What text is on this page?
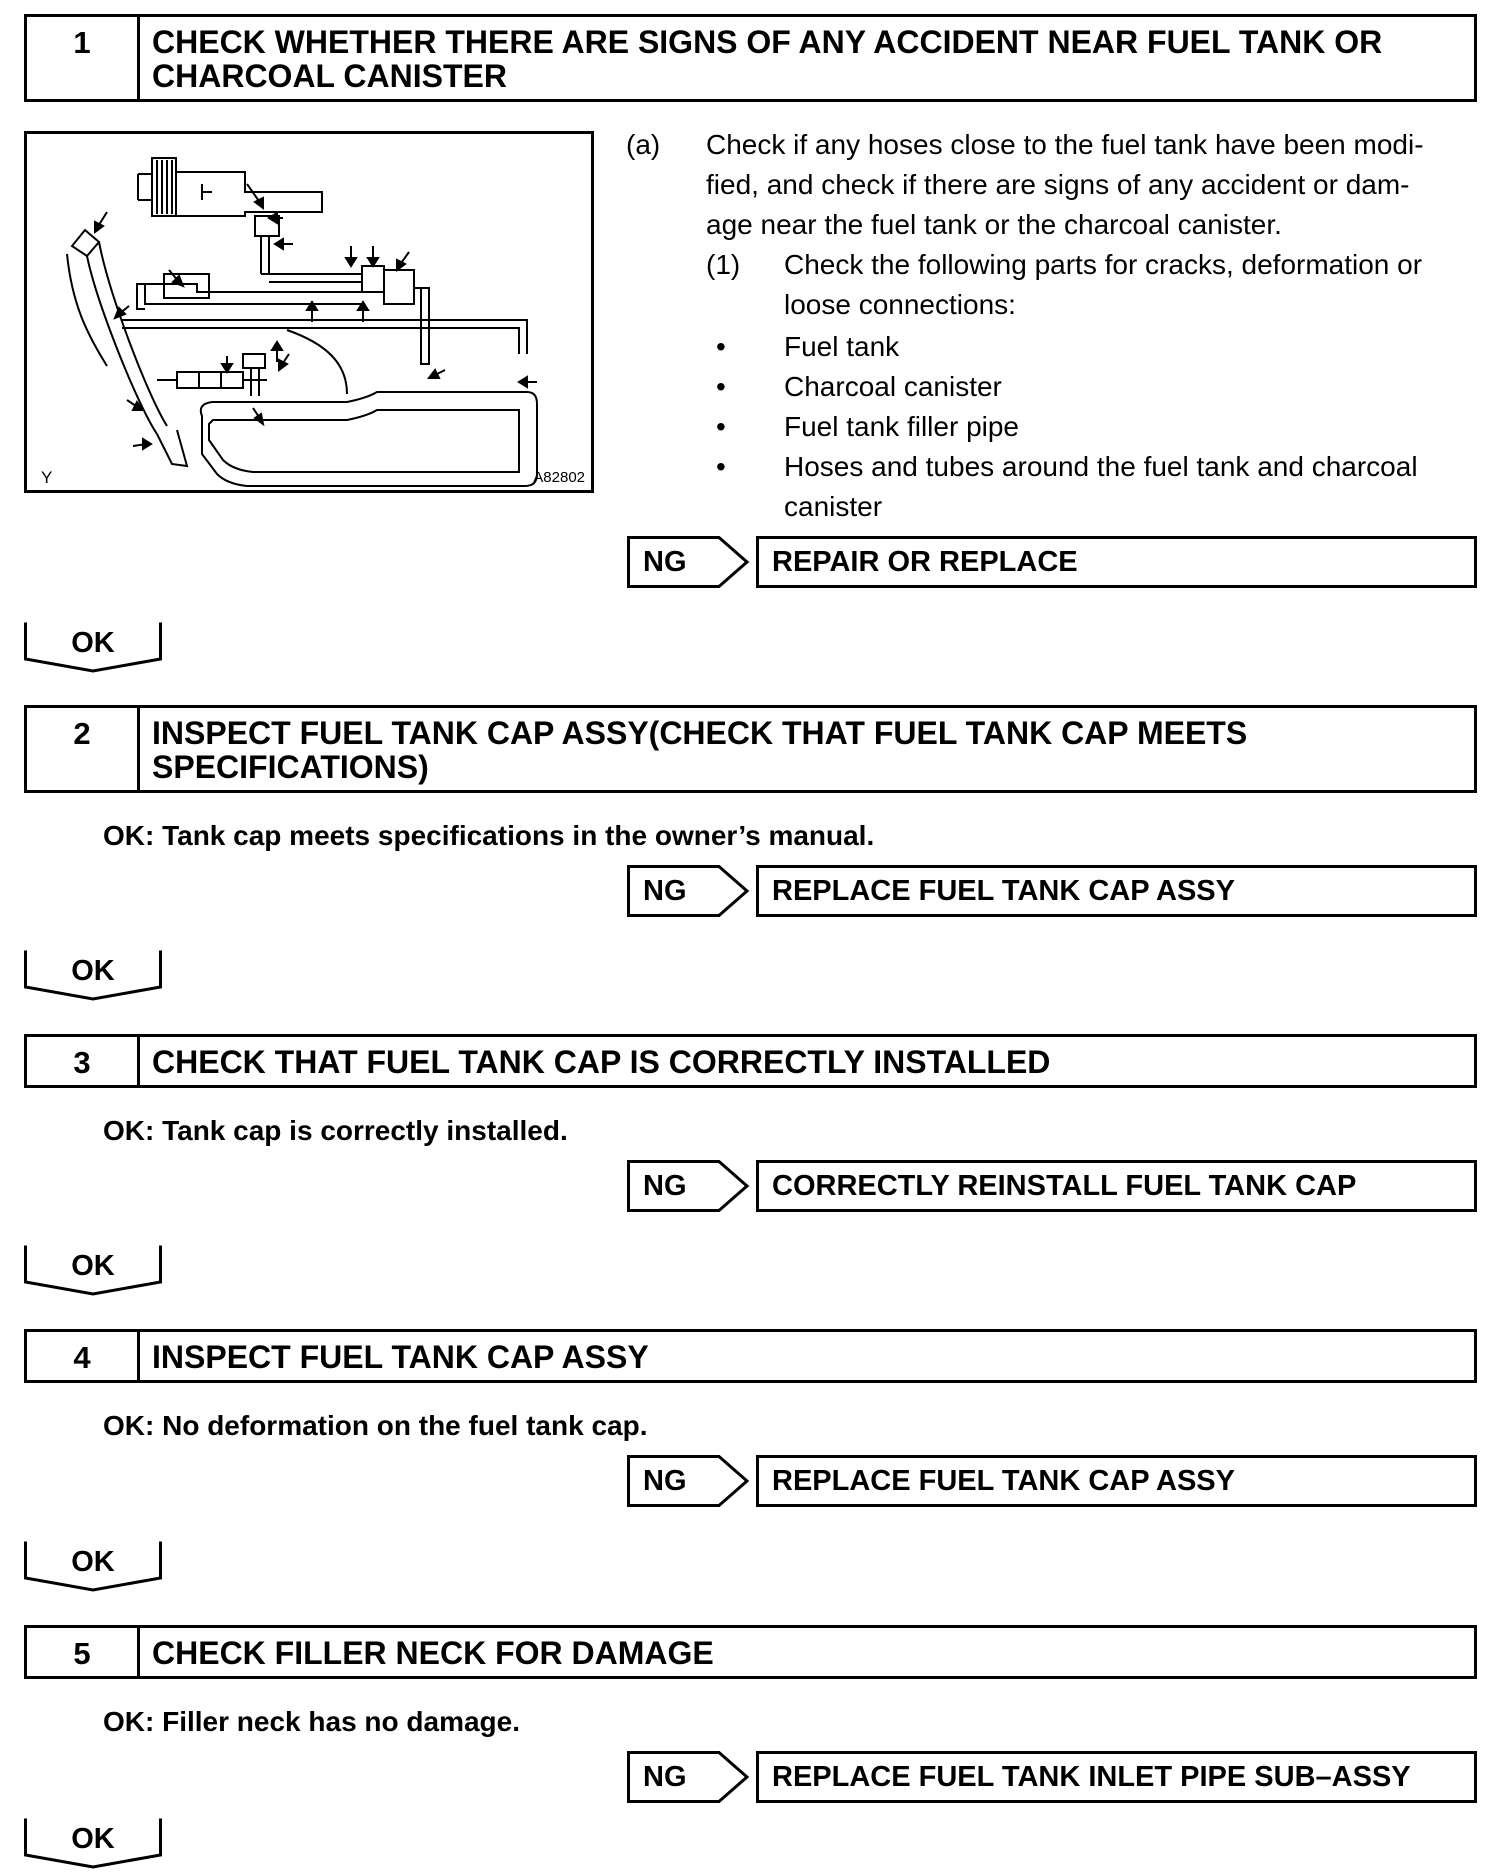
1	CHECK WHETHER THERE ARE SIGNS OF ANY ACCIDENT NEAR FUEL TANK OR
CHARCOAL CANISTER
Y	A82802
(a) Check if any hoses close to the fuel tank have been modi-
fied, and check if there are signs of any accident or dam-
age near the fuel tank or the charcoal canister.
(1) Check the following parts for cracks, deformation or
loose connections:
• Fuel tank
• Charcoal canister
• Fuel tank filler pipe
• Hoses and tubes around the fuel tank and charcoal
canister
NG	REPAIR OR REPLACE
OK
2	INSPECT FUEL TANK CAP ASSY(CHECK THAT FUEL TANK CAP MEETS
SPECIFICATIONS)
OK: Tank cap meets specifications in the owner’s manual.
NG	REPLACE FUEL TANK CAP ASSY
OK
3	CHECK THAT FUEL TANK CAP IS CORRECTLY INSTALLED
OK: Tank cap is correctly installed.
NG	CORRECTLY REINSTALL FUEL TANK CAP
OK
4	INSPECT FUEL TANK CAP ASSY
OK: No deformation on the fuel tank cap.
NG	REPLACE FUEL TANK CAP ASSY
OK
5	CHECK FILLER NECK FOR DAMAGE
OK: Filler neck has no damage.
NG	REPLACE FUEL TANK INLET PIPE SUB–ASSY
OK
